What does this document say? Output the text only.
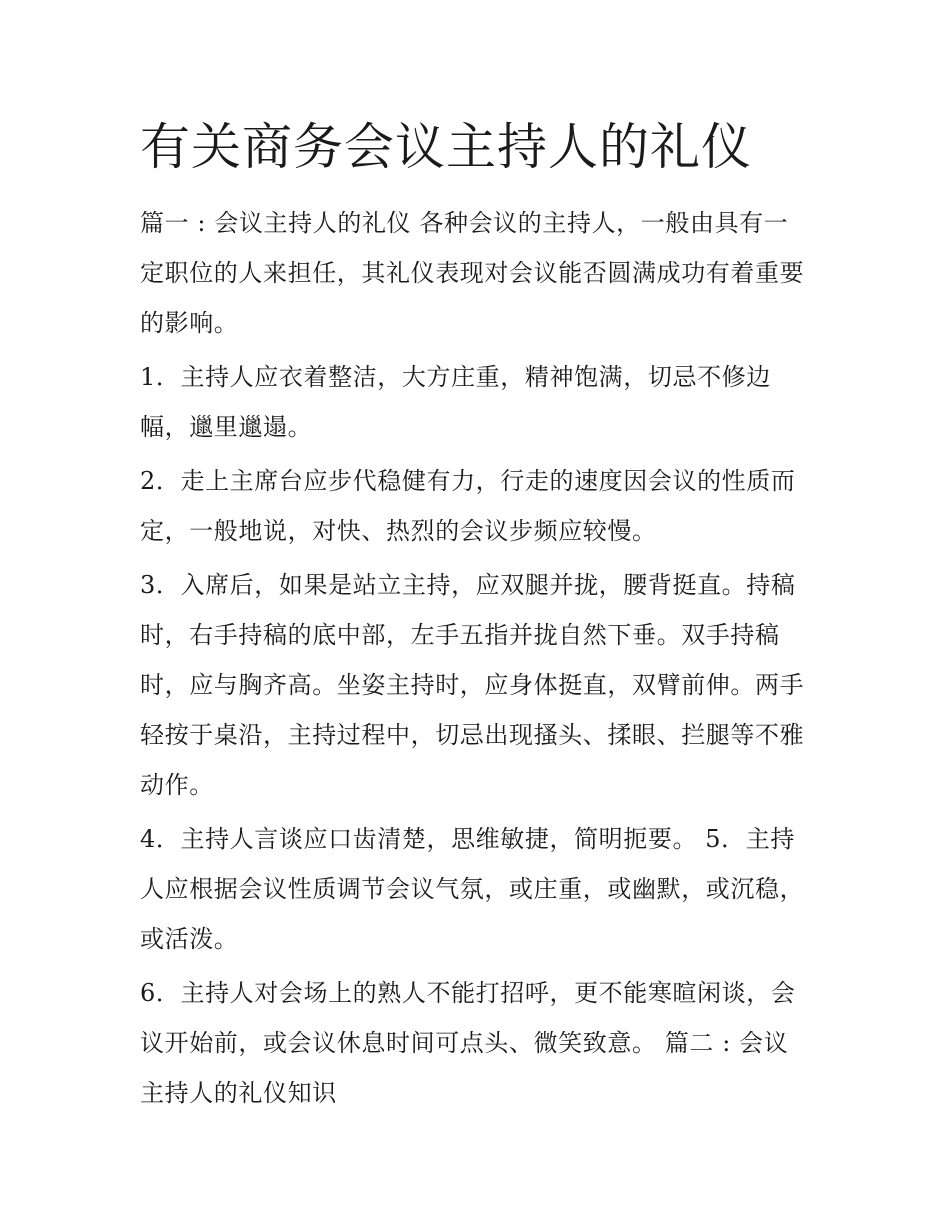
有关商务会议主持人的礼仪

篇一 : 会议主持人的礼仪 各种会议的主持人，一般由具有一
定职位的人来担任，其礼仪表现对会议能否圆满成功有着重要
的影响。

1．主持人应衣着整洁，大方庄重，精神饱满，切忌不修边
幅，邋里邋遢。

2．走上主席台应步代稳健有力，行走的速度因会议的性质而
定，一般地说，对快、热烈的会议步频应较慢。

3．入席后，如果是站立主持，应双腿并拢，腰背挺直。持稿
时，右手持稿的底中部，左手五指并拢自然下垂。双手持稿
时，应与胸齐高。坐姿主持时，应身体挺直，双臂前伸。两手
轻按于桌沿，主持过程中，切忌出现搔头、揉眼、拦腿等不雅
动作。

4．主持人言谈应口齿清楚，思维敏捷，简明扼要。 5．主持
人应根据会议性质调节会议气氛，或庄重，或幽默，或沉稳，
或活泼。

6．主持人对会场上的熟人不能打招呼，更不能寒暄闲谈，会
议开始前，或会议休息时间可点头、微笑致意。 篇二 : 会议
主持人的礼仪知识
